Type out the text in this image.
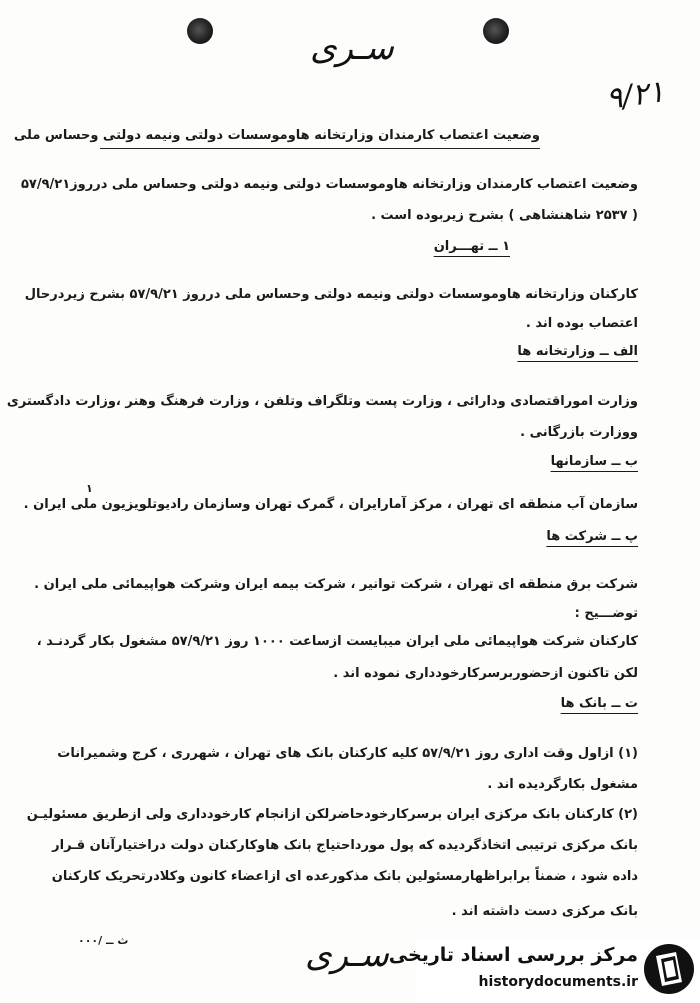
سـری
۹/۲۱
وضعیت اعتصاب کارمندان وزارتخانه هاوموسسات دولتی ونیمه دولتی وحساس ملی
وضعیت اعتصاب کارمندان وزارتخانه هاوموسسات دولتی ونیمه دولتی وحساس ملی درروز۵۷/۹/۲۱
( ۲۵۳۷ شاهنشاهی ) بشرح زیربوده است .
۱ ــ تهـــران
کارکنان وزارتخانه هاوموسسات دولتی ونیمه دولتی وحساس ملی درروز ۵۷/۹/۲۱ بشرح زیردرحال
اعتصاب بوده اند .
الف ــ وزارتخانه ها
وزارت اموراقتصادی ودارائی ، وزارت پست وتلگراف وتلفن ، وزارت فرهنگ وهنر ،وزارت دادگستری
ووزارت بازرگانی .
ب ــ سازمانها
۱
سازمان آب منطقه ای تهران ، مرکز آمارایران ، گمرک تهران وسازمان رادیوتلویزیون ملی ایران .
پ ــ شرکت ها
شرکت برق منطقه ای تهران ، شرکت توانیر ، شرکت بیمه ایران وشرکت هواپیمائی ملی ایران .
توضـــیح :
کارکنان شرکت هواپیمائی ملی ایران میبایست ازساعت ۱۰۰۰ روز ۵۷/۹/۲۱ مشغول بکار گردنـد ،
لکن تاکنون ازحضوربرسرکارخودداری نموده اند .
ت ــ بانک ها
(۱) ازاول وقت اداری روز ۵۷/۹/۲۱ کلیه کارکنان بانک های تهران ، شهرری ، کرج وشمیرانات
مشغول بکارگردیده اند .
(۲) کارکنان بانک مرکزی ایران برسرکارخودحاضرلکن ازانجام کارخودداری ولی ازطریق مسئولیـن
بانک مرکزی ترتیبی اتخاذگردیده که پول مورداحتیاج بانک هاوکارکنان دولت دراختیارآنان قـرار
داده شود ، ضمناً برابراظهارمسئولین بانک مذکورعده ای ازاعضاء کانون وکلادرتحریک کارکنان
بانک مرکزی دست داشته اند .
ث ــ /۰۰۰	سـری مرکز بررسی اسناد تاریخی
historydocuments.ir
